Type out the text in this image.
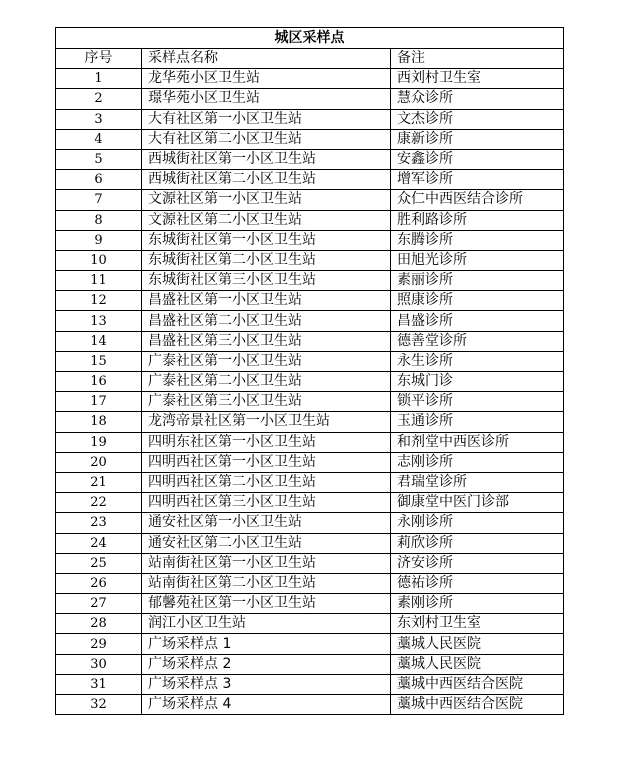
城区采样点		
序号	采样点名称	备注
1	龙华苑小区卫生站	西刘村卫生室
2	璟华苑小区卫生站	慧众诊所
3	大有社区第一小区卫生站	文杰诊所
4	大有社区第二小区卫生站	康新诊所
5	西城街社区第一小区卫生站	安鑫诊所
6	西城街社区第二小区卫生站	增军诊所
7	文源社区第一小区卫生站	众仁中西医结合诊所
8	文源社区第二小区卫生站	胜利路诊所
9	东城街社区第一小区卫生站	东腾诊所
10	东城街社区第二小区卫生站	田旭光诊所
11	东城街社区第三小区卫生站	素丽诊所
12	昌盛社区第一小区卫生站	照康诊所
13	昌盛社区第二小区卫生站	昌盛诊所
14	昌盛社区第三小区卫生站	德善堂诊所
15	广泰社区第一小区卫生站	永生诊所
16	广泰社区第二小区卫生站	东城门诊
17	广泰社区第三小区卫生站	锁平诊所
18	龙湾帝景社区第一小区卫生站	玉通诊所
19	四明东社区第一小区卫生站	和剂堂中西医诊所
20	四明西社区第一小区卫生站	志刚诊所
21	四明西社区第二小区卫生站	君瑞堂诊所
22	四明西社区第三小区卫生站	御康堂中医门诊部
23	通安社区第一小区卫生站	永刚诊所
24	通安社区第二小区卫生站	莉欣诊所
25	站南街社区第一小区卫生站	济安诊所
26	站南街社区第二小区卫生站	德祐诊所
27	郁馨苑社区第一小区卫生站	素刚诊所
28	润江小区卫生站	东刘村卫生室
29	广场采样点 1	藁城人民医院
30	广场采样点 2	藁城人民医院
31	广场采样点 3	藁城中西医结合医院
32	广场采样点 4	藁城中西医结合医院
